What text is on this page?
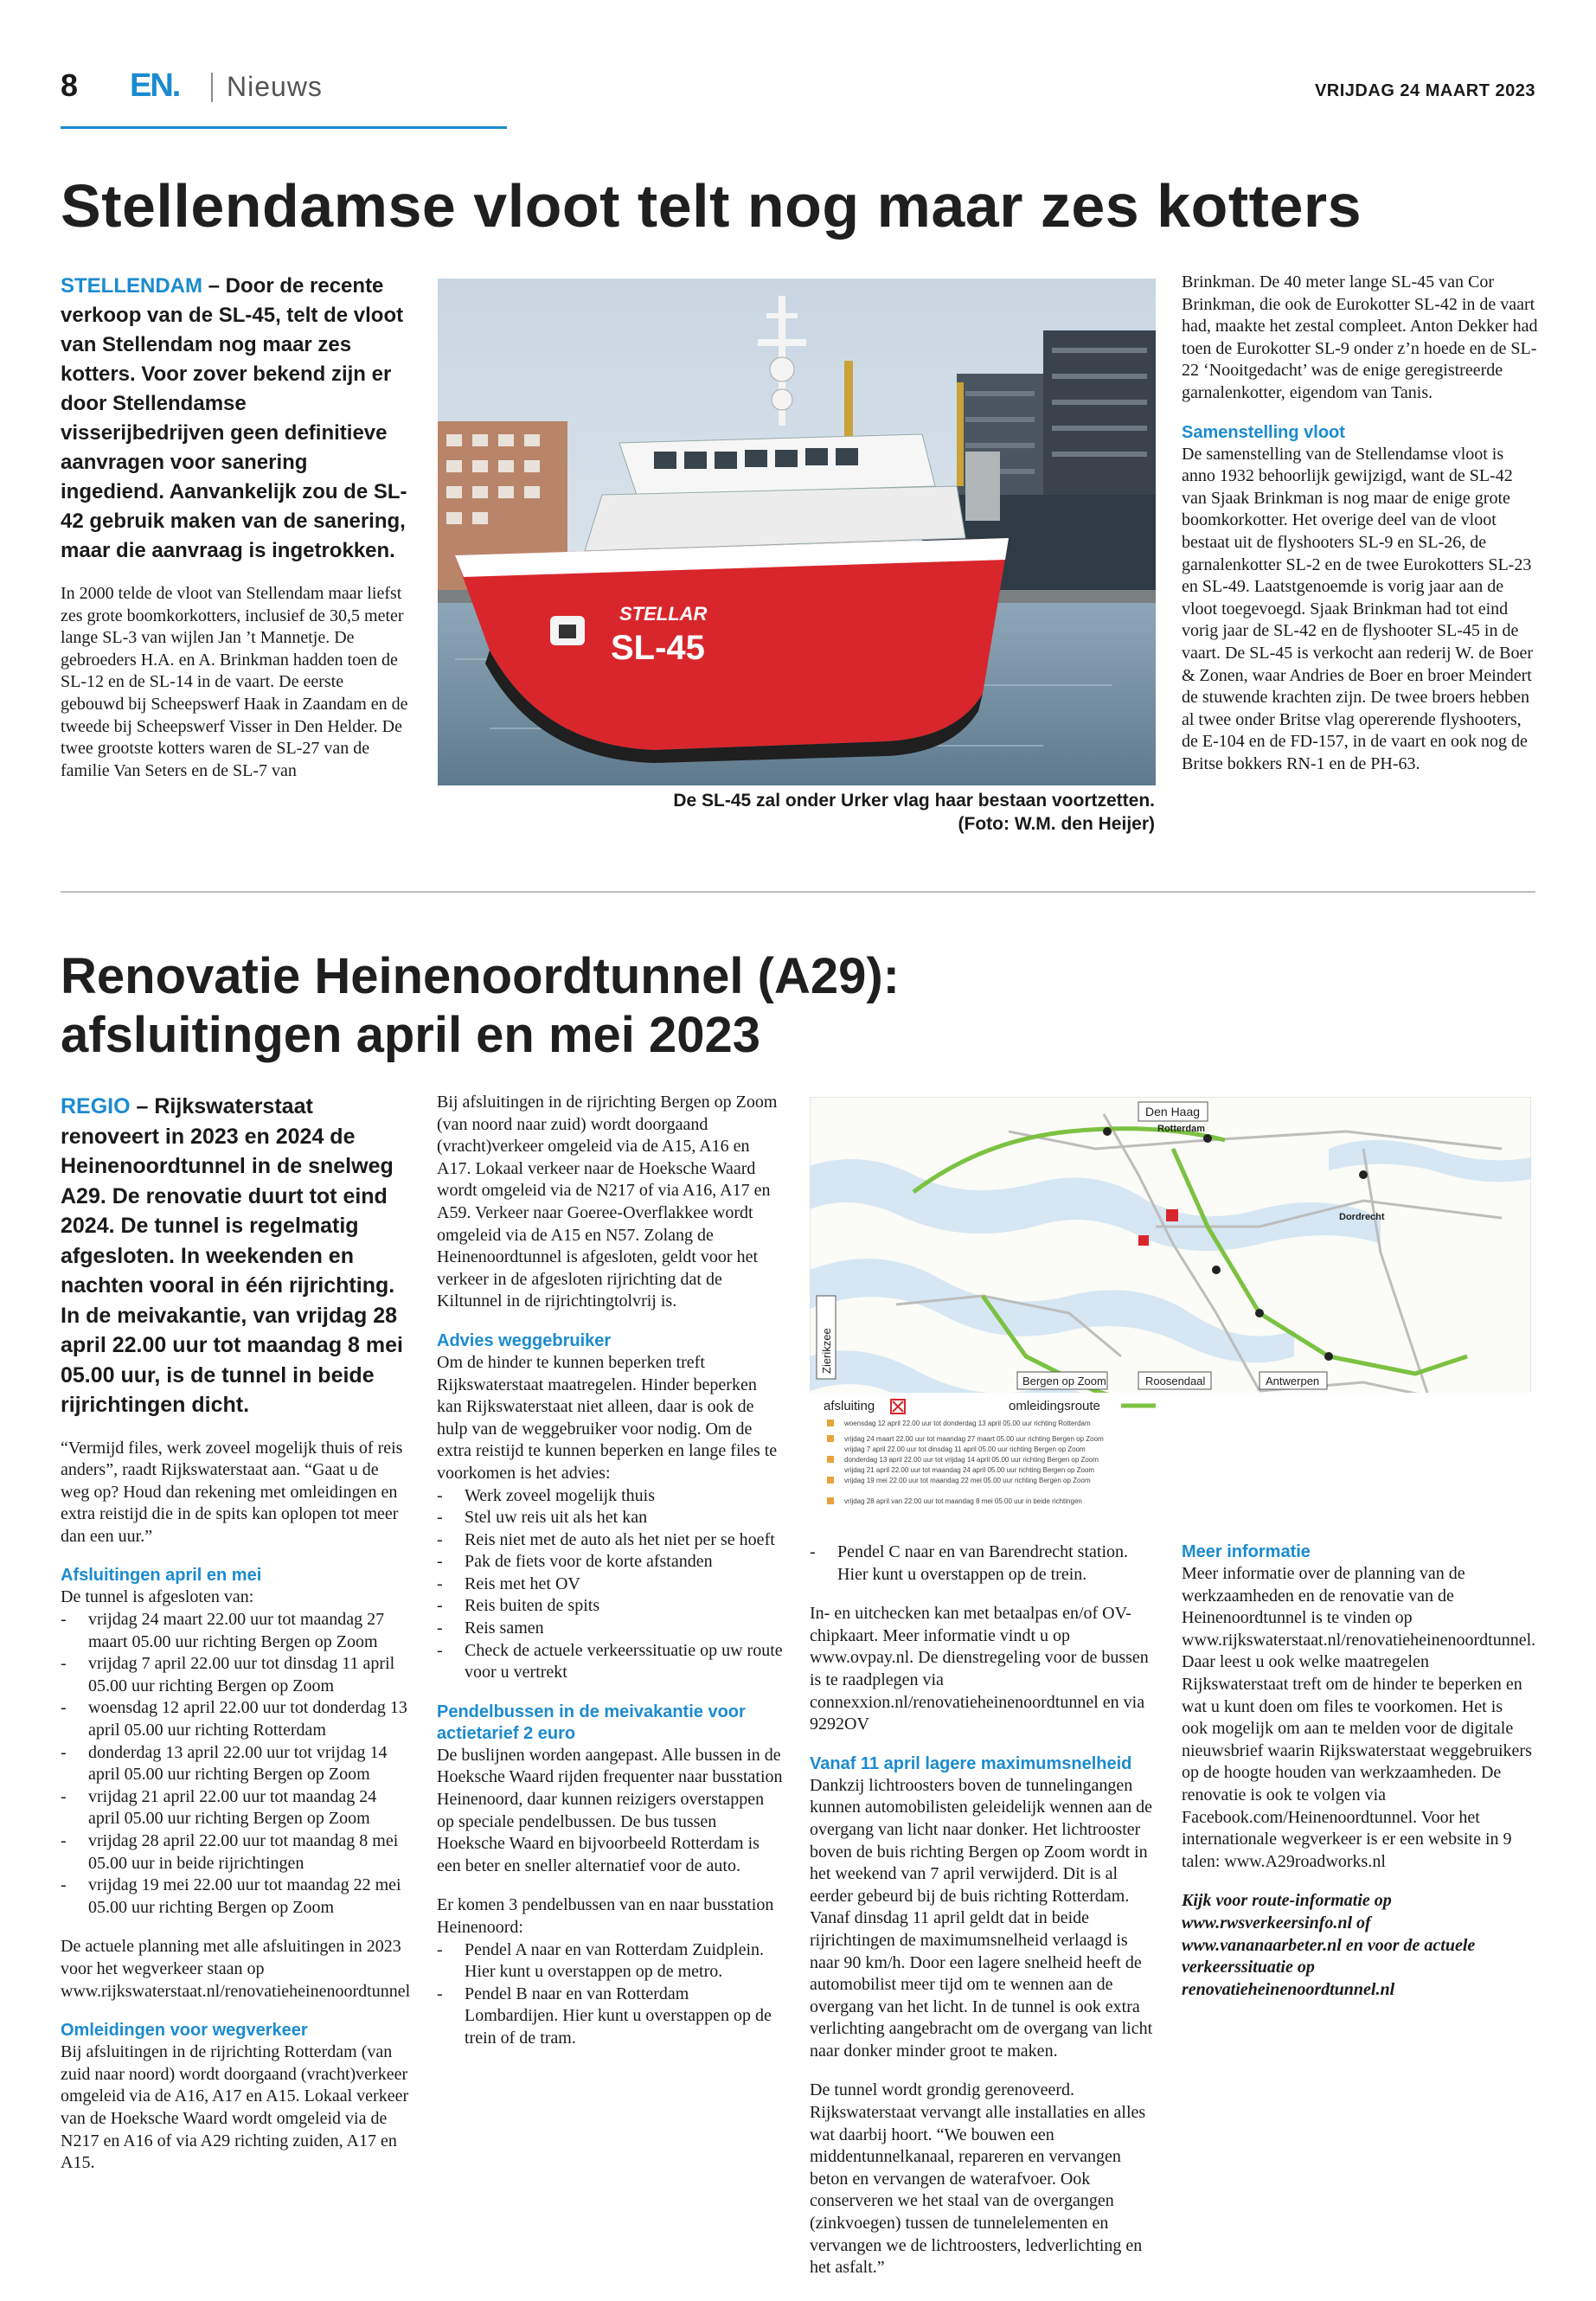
8 EN. Nieuws	VRIJDAG 24 MAART 2023
Stellendamse vloot telt nog maar zes kotters

STELLENDAM – Door de recente verkoop van de SL-45, telt de vloot van Stellendam nog maar zes kotters. Voor zover bekend zijn er door Stellendamse visserijbedrijven geen definitieve aanvragen voor sanering ingediend. Aanvankelijk zou de SL-42 gebruik maken van de sanering, maar die aanvraag is ingetrokken.

In 2000 telde de vloot van Stellendam maar liefst zes grote boomkorkotters, inclusief de 30,5 meter lange SL-3 van wijlen Jan ’t Mannetje. De gebroeders H.A. en A. Brinkman hadden toen de SL-12 en de SL-14 in de vaart. De eerste gebouwd bij Scheepswerf Haak in Zaandam en de tweede bij Scheepswerf Visser in Den Helder. De twee grootste kotters waren de SL-27 van de familie Van Seters en de SL-7 van

STELLAR
SL-45
De SL-45 zal onder Urker vlag haar bestaan voortzetten. (Foto: W.M. den Heijer)

Brinkman. De 40 meter lange SL-45 van Cor Brinkman, die ook de Eurokotter SL-42 in de vaart had, maakte het zestal compleet. Anton Dekker had toen de Eurokotter SL-9 onder z’n hoede en de SL-22 ‘Nooitgedacht’ was de enige geregistreerde garnalenkotter, eigendom van Tanis.

Samenstelling vloot

De samenstelling van de Stellendamse vloot is anno 1932 behoorlijk gewijzigd, want de SL-42 van Sjaak Brinkman is nog maar de enige grote boomkorkotter. Het overige deel van de vloot bestaat uit de flyshooters SL-9 en SL-26, de garnalenkotter SL-2 en de twee Eurokotters SL-23 en SL-49. Laatstgenoemde is vorig jaar aan de vloot toegevoegd. Sjaak Brinkman had tot eind vorig jaar de SL-42 en de flyshooter SL-45 in de vaart. De SL-45 is verkocht aan rederij W. de Boer & Zonen, waar Andries de Boer en broer Meindert de stuwende krachten zijn. De twee broers hebben al twee onder Britse vlag opererende flyshooters, de E-104 en de FD-157, in de vaart en ook nog de Britse bokkers RN-1 en de PH-63.

Renovatie Heinenoordtunnel (A29):
afsluitingen april en mei 2023

REGIO – Rijkswaterstaat renoveert in 2023 en 2024 de Heinenoordtunnel in de snelweg A29. De renovatie duurt tot eind 2024. De tunnel is regelmatig afgesloten. In weekenden en nachten vooral in één rijrichting. In de meivakantie, van vrijdag 28 april 22.00 uur tot maandag 8 mei 05.00 uur, is de tunnel in beide rijrichtingen dicht.

“Vermijd files, werk zoveel mogelijk thuis of reis anders”, raadt Rijkswaterstaat aan. “Gaat u de weg op? Houd dan rekening met omleidingen en extra reistijd die in de spits kan oplopen tot meer dan een uur.”

Afsluitingen april en mei
De tunnel is afgesloten van:
- vrijdag 24 maart 22.00 uur tot maandag 27 maart 05.00 uur richting Bergen op Zoom
- vrijdag 7 april 22.00 uur tot dinsdag 11 april 05.00 uur richting Bergen op Zoom
- woensdag 12 april 22.00 uur tot donderdag 13 april 05.00 uur richting Rotterdam
- donderdag 13 april 22.00 uur tot vrijdag 14 april 05.00 uur richting Bergen op Zoom
- vrijdag 21 april 22.00 uur tot maandag 24 april 05.00 uur richting Bergen op Zoom
- vrijdag 28 april 22.00 uur tot maandag 8 mei 05.00 uur in beide rijrichtingen
- vrijdag 19 mei 22.00 uur tot maandag 22 mei 05.00 uur richting Bergen op Zoom

De actuele planning met alle afsluitingen in 2023 voor het wegverkeer staan op www.rijkswaterstaat.nl/renovatieheinenoordtunnel

Omleidingen voor wegverkeer

Bij afsluitingen in de rijrichting Rotterdam (van zuid naar noord) wordt doorgaand (vracht)verkeer omgeleid via de A16, A17 en A15. Lokaal verkeer van de Hoeksche Waard wordt omgeleid via de N217 en A16 of via A29 richting zuiden, A17 en A15.

Bij afsluitingen in de rijrichting Bergen op Zoom (van noord naar zuid) wordt doorgaand (vracht)verkeer omgeleid via de A15, A16 en A17. Lokaal verkeer naar de Hoeksche Waard wordt omgeleid via de N217 of via A16, A17 en A59. Verkeer naar Goeree-Overflakkee wordt omgeleid via de A15 en N57. Zolang de Heinenoordtunnel is afgesloten, geldt voor het verkeer in de afgesloten rijrichting dat de Kiltunnel in de rijrichtingtolvrij is.

Advies weggebruiker
Om de hinder te kunnen beperken treft Rijkswaterstaat maatregelen. Hinder beperken kan Rijkswaterstaat niet alleen, daar is ook de hulp van de weggebruiker voor nodig. Om de extra reistijd te kunnen beperken en lange files te voorkomen is het advies:
- Werk zoveel mogelijk thuis
- Stel uw reis uit als het kan
- Reis niet met de auto als het niet per se hoeft
- Pak de fiets voor de korte afstanden
- Reis met het OV
- Reis buiten de spits
- Reis samen
- Check de actuele verkeerssituatie op uw route voor u vertrekt
Pendelbussen in de meivakantie voor actietarief 2 euro

De buslijnen worden aangepast. Alle bussen in de Hoeksche Waard rijden frequenter naar busstation Heinenoord, daar kunnen reizigers overstappen op speciale pendelbussen. De bus tussen Hoeksche Waard en bijvoorbeeld Rotterdam is een beter en sneller alternatief voor de auto.

Er komen 3 pendelbussen van en naar busstation Heinenoord:
- Pendel A naar en van Rotterdam Zuidplein. Hier kunt u overstappen op de metro.
- Pendel B naar en van Rotterdam Lombardijen. Hier kunt u overstappen op de trein of de tram.
Den Haag
Rotterdam
Dordrecht
Zierikzee
Bergen op Zoom	Roosendaal	Antwerpen
afsluiting	omleidingsroute
woensdag 12 april 22.00 uur tot donderdag 13 april 05.00 uur richting Rotterdam
vrijdag 24 maart 22.00 uur tot maandag 27 maart 05.00 uur richting Bergen op Zoom
vrijdag 7 april 22.00 uur tot dinsdag 11 april 05.00 uur richting Bergen op Zoom
donderdag 13 april 22.00 uur tot vrijdag 14 april 05.00 uur richting Bergen op Zoom
vrijdag 21 april 22.00 uur tot maandag 24 april 05.00 uur richting Bergen op Zoom
vrijdag 19 mei 22.00 uur tot maandag 22 mei 05.00 uur richting Bergen op Zoom
vrijdag 28 april van 22.00 uur tot maandag 8 mei 05.00 uur in beide richtingen
- Pendel C naar en van Barendrecht station. Hier kunt u overstappen op de trein.

In- en uitchecken kan met betaalpas en/of OV-chipkaart. Meer informatie vindt u op www.ovpay.nl. De dienstregeling voor de bussen is te raadplegen via connexxion.nl/renovatieheinenoordtunnel en via 9292OV

Vanaf 11 april lagere maximumsnelheid

Dankzij lichtroosters boven de tunnelingangen kunnen automobilisten geleidelijk wennen aan de overgang van licht naar donker. Het lichtrooster boven de buis richting Bergen op Zoom wordt in het weekend van 7 april verwijderd. Dit is al eerder gebeurd bij de buis richting Rotterdam. Vanaf dinsdag 11 april geldt dat in beide rijrichtingen de maximumsnelheid verlaagd is naar 90 km/h. Door een lagere snelheid heeft de automobilist meer tijd om te wennen aan de overgang van het licht. In de tunnel is ook extra verlichting aangebracht om de overgang van licht naar donker minder groot te maken.

De tunnel wordt grondig gerenoveerd. Rijkswaterstaat vervangt alle installaties en alles wat daarbij hoort. “We bouwen een middentunnelkanaal, repareren en vervangen beton en vervangen de waterafvoer. Ook conserveren we het staal van de overgangen (zinkvoegen) tussen de tunnelelementen en vervangen we de lichtroosters, ledverlichting en het asfalt.”

Meer informatie

Meer informatie over de planning van de werkzaamheden en de renovatie van de Heinenoordtunnel is te vinden op www.rijkswaterstaat.nl/renovatieheinenoordtunnel. Daar leest u ook welke maatregelen Rijkswaterstaat treft om de hinder te beperken en wat u kunt doen om files te voorkomen. Het is ook mogelijk om aan te melden voor de digitale nieuwsbrief waarin Rijkswaterstaat weggebruikers op de hoogte houden van werkzaamheden. De renovatie is ook te volgen via Facebook.com/Heinenoordtunnel. Voor het internationale wegverkeer is er een website in 9 talen: www.A29roadworks.nl

Kijk voor route-informatie op www.rwsverkeersinfo.nl of www.vananaarbeter.nl en voor de actuele verkeerssituatie op renovatieheinenoordtunnel.nl
